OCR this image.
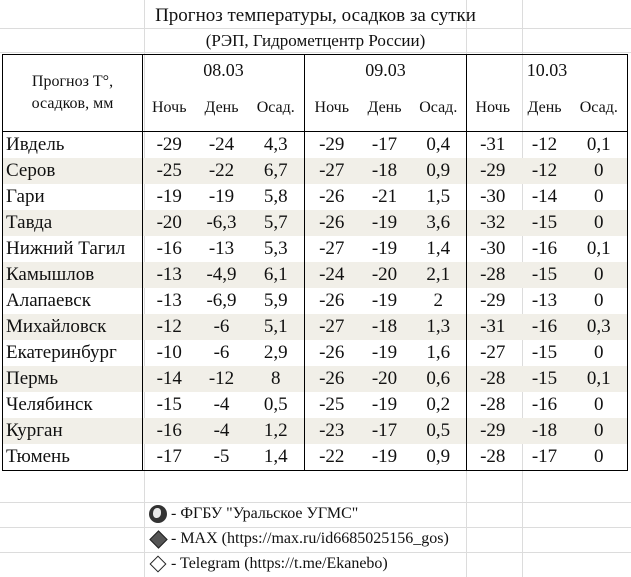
Прогноз температуры, осадков за сутки
(РЭП, Гидрометцентр России)
Прогноз Т°,
осадков, мм	08.03			09.03			10.03		
	Ночь	День	Осад.	Ночь	День	Осад.	Ночь	День	Осад.
Ивдель	-29	-24	4,3	-29	-17	0,4	-31	-12	0,1
Серов	-25	-22	6,7	-27	-18	0,9	-29	-12	0
Гари	-19	-19	5,8	-26	-21	1,5	-30	-14	0
Тавда	-20	-6,3	5,7	-26	-19	3,6	-32	-15	0
Нижний Тагил	-16	-13	5,3	-27	-19	1,4	-30	-16	0,1
Камышлов	-13	-4,9	6,1	-24	-20	2,1	-28	-15	0
Алапаевск	-13	-6,9	5,9	-26	-19	2	-29	-13	0
Михайловск	-12	-6	5,1	-27	-18	1,3	-31	-16	0,3
Екатеринбург	-10	-6	2,9	-26	-19	1,6	-27	-15	0
Пермь	-14	-12	8	-26	-20	0,6	-28	-15	0,1
Челябинск	-15	-4	0,5	-25	-19	0,2	-28	-16	0
Курган	-16	-4	1,2	-23	-17	0,5	-29	-18	0
Тюмень	-17	-5	1,4	-22	-19	0,9	-28	-17	0
- ФГБУ "Уральское УГМС"
- MAX (https://max.ru/id6685025156_gos)
- Telegram (https://t.me/Ekanebo)
